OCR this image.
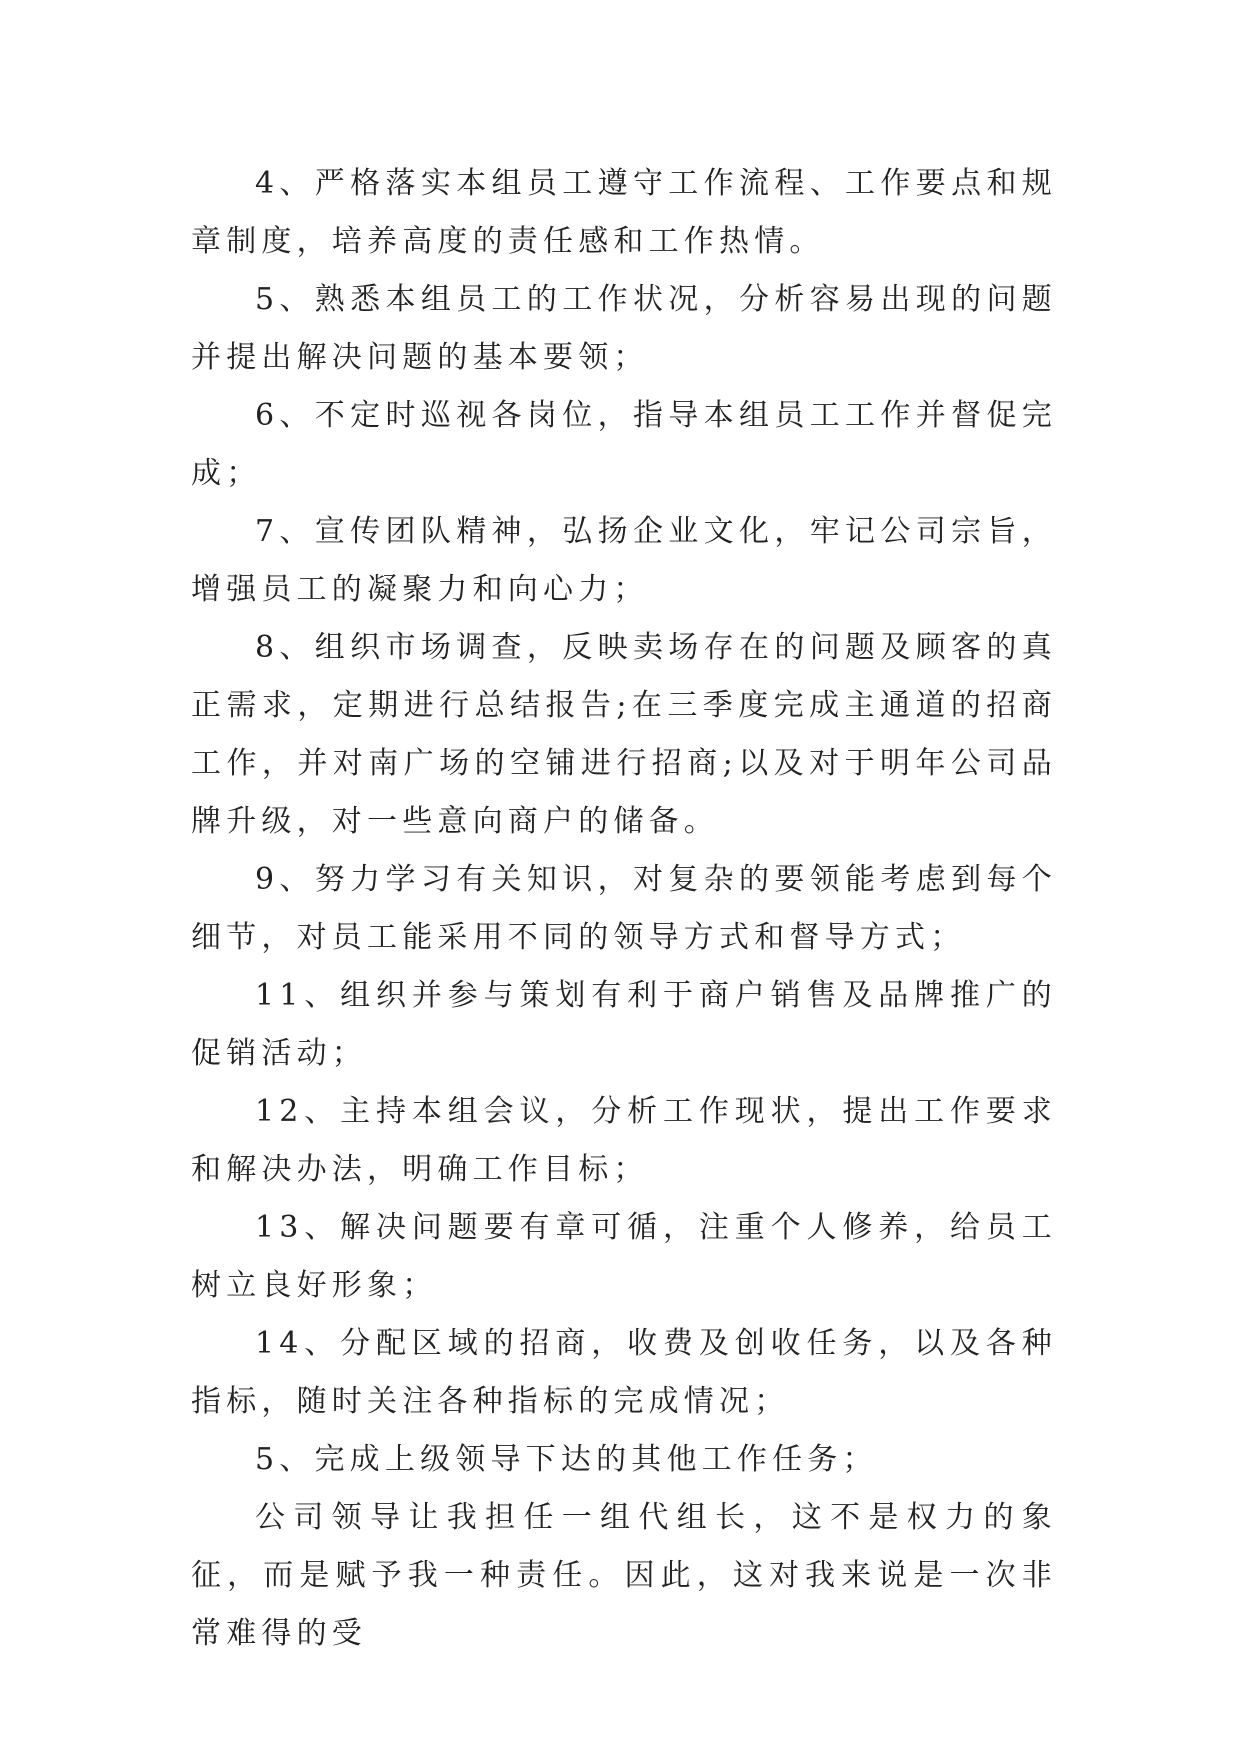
4、严格落实本组员工遵守工作流程、工作要点和规章制度，培养高度的责任感和工作热情。

5、熟悉本组员工的工作状况，分析容易出现的问题并提出解决问题的基本要领；

6、不定时巡视各岗位，指导本组员工工作并督促完成；

7、宣传团队精神，弘扬企业文化，牢记公司宗旨，增强员工的凝聚力和向心力；

8、组织市场调查，反映卖场存在的问题及顾客的真正需求，定期进行总结报告;在三季度完成主通道的招商工作，并对南广场的空铺进行招商;以及对于明年公司品牌升级，对一些意向商户的储备。

9、努力学习有关知识，对复杂的要领能考虑到每个细节，对员工能采用不同的领导方式和督导方式；

11、组织并参与策划有利于商户销售及品牌推广的促销活动；

12、主持本组会议，分析工作现状，提出工作要求和解决办法，明确工作目标；

13、解决问题要有章可循，注重个人修养，给员工树立良好形象；

14、分配区域的招商，收费及创收任务，以及各种指标，随时关注各种指标的完成情况；

5、完成上级领导下达的其他工作任务；

公司领导让我担任一组代组长，这不是权力的象征，而是赋予我一种责任。因此，这对我来说是一次非常难得的受
